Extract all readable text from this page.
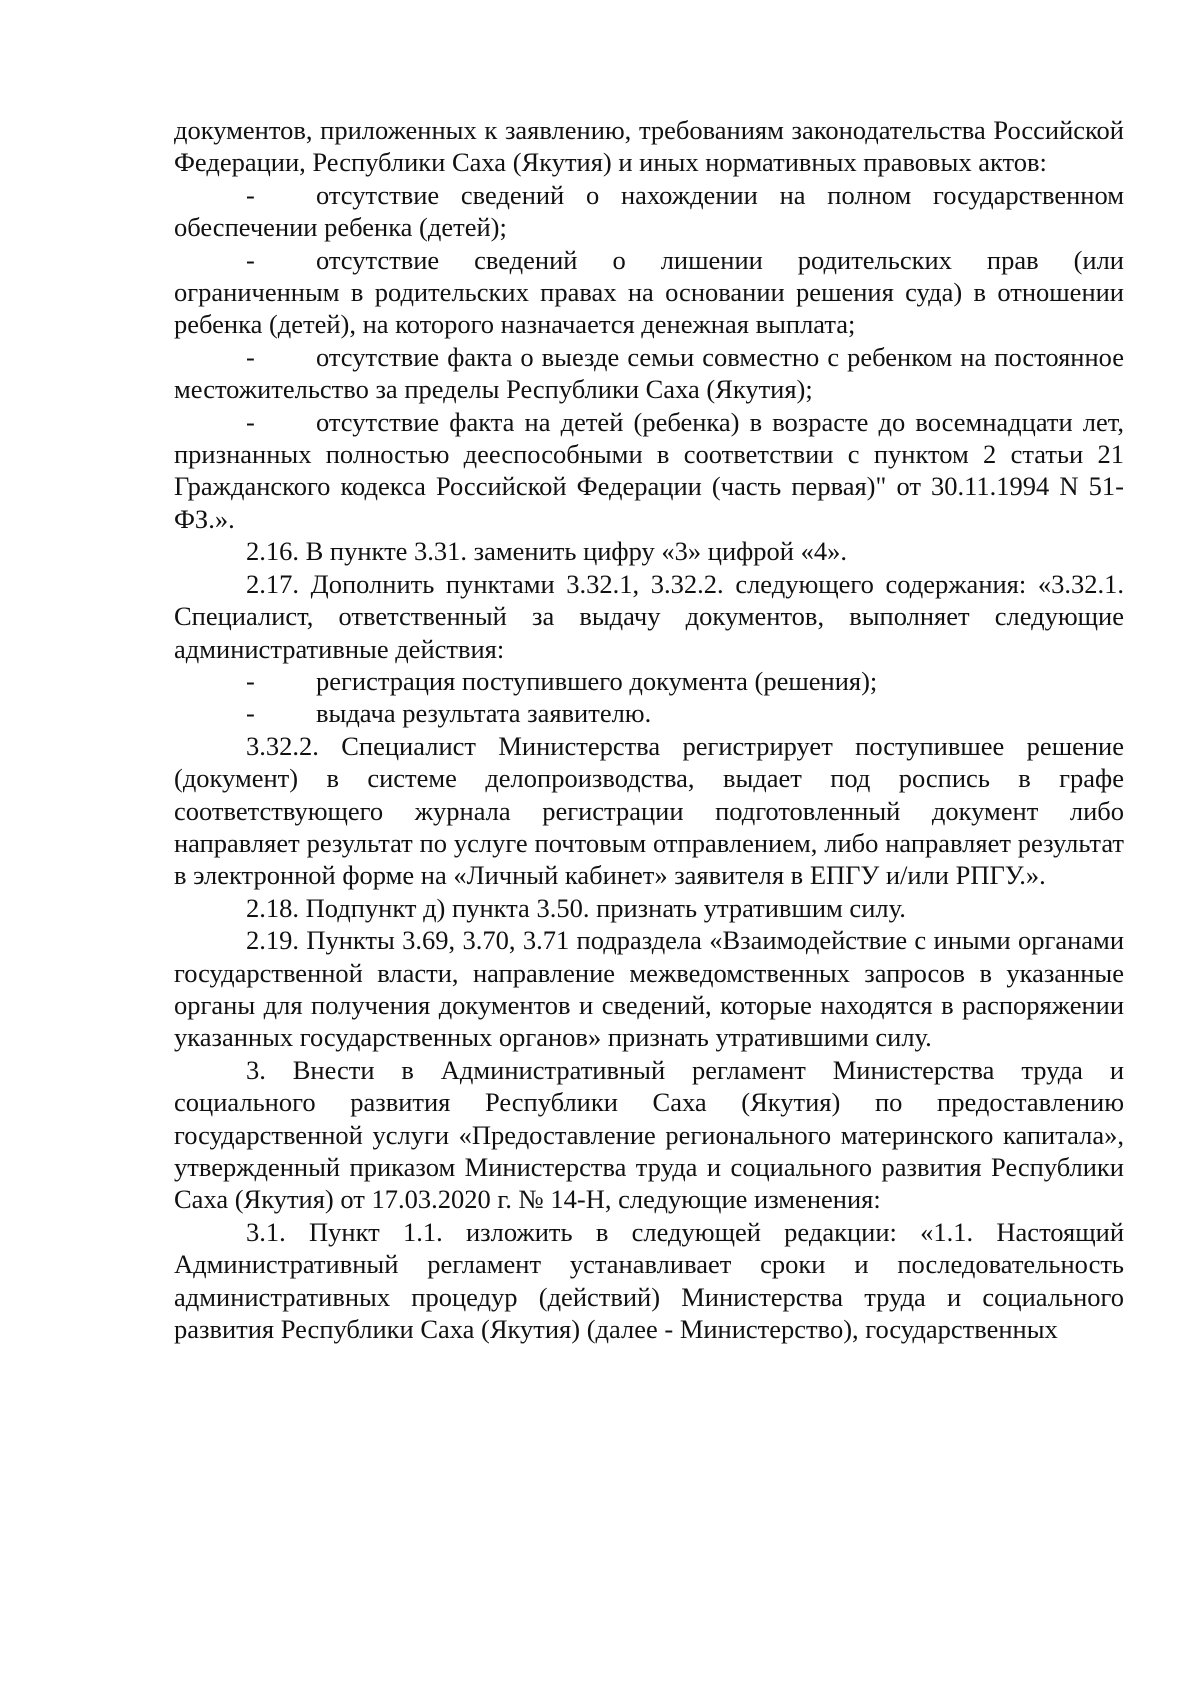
документов, приложенных к заявлению, требованиям законодательства Российской Федерации, Республики Саха (Якутия) и иных нормативных правовых актов:

- отсутствие сведений о нахождении на полном государственном обеспечении ребенка (детей);

- отсутствие сведений о лишении родительских прав (или ограниченным в родительских правах на основании решения суда) в отношении ребенка (детей), на которого назначается денежная выплата;

- отсутствие факта о выезде семьи совместно с ребенком на постоянное местожительство за пределы Республики Саха (Якутия);

- отсутствие факта на детей (ребенка) в возрасте до восемнадцати лет, признанных полностью дееспособными в соответствии с пунктом 2 статьи 21 Гражданского кодекса Российской Федерации (часть первая)" от 30.11.1994 N 51-ФЗ.».

2.16. В пункте 3.31. заменить цифру «3» цифрой «4».

2.17. Дополнить пунктами 3.32.1, 3.32.2. следующего содержания: «3.32.1. Специалист, ответственный за выдачу документов, выполняет следующие административные действия:

- регистрация поступившего документа (решения);

- выдача результата заявителю.

3.32.2. Специалист Министерства регистрирует поступившее решение (документ) в системе делопроизводства, выдает под роспись в графе соответствующего журнала регистрации подготовленный документ либо направляет результат по услуге почтовым отправлением, либо направляет результат в электронной форме на «Личный кабинет» заявителя в ЕПГУ и/или РПГУ.».

2.18. Подпункт д) пункта 3.50. признать утратившим силу.

2.19. Пункты 3.69, 3.70, 3.71 подраздела «Взаимодействие с иными органами государственной власти, направление межведомственных запросов в указанные органы для получения документов и сведений, которые находятся в распоряжении указанных государственных органов» признать утратившими силу.

3. Внести в Административный регламент Министерства труда и социального развития Республики Саха (Якутия) по предоставлению государственной услуги «Предоставление регионального материнского капитала», утвержденный приказом Министерства труда и социального развития Республики Саха (Якутия) от 17.03.2020 г. № 14-Н, следующие изменения:

3.1. Пункт 1.1. изложить в следующей редакции: «1.1. Настоящий Административный регламент устанавливает сроки и последовательность административных процедур (действий) Министерства труда и социального развития Республики Саха (Якутия) (далее - Министерство), государственных
